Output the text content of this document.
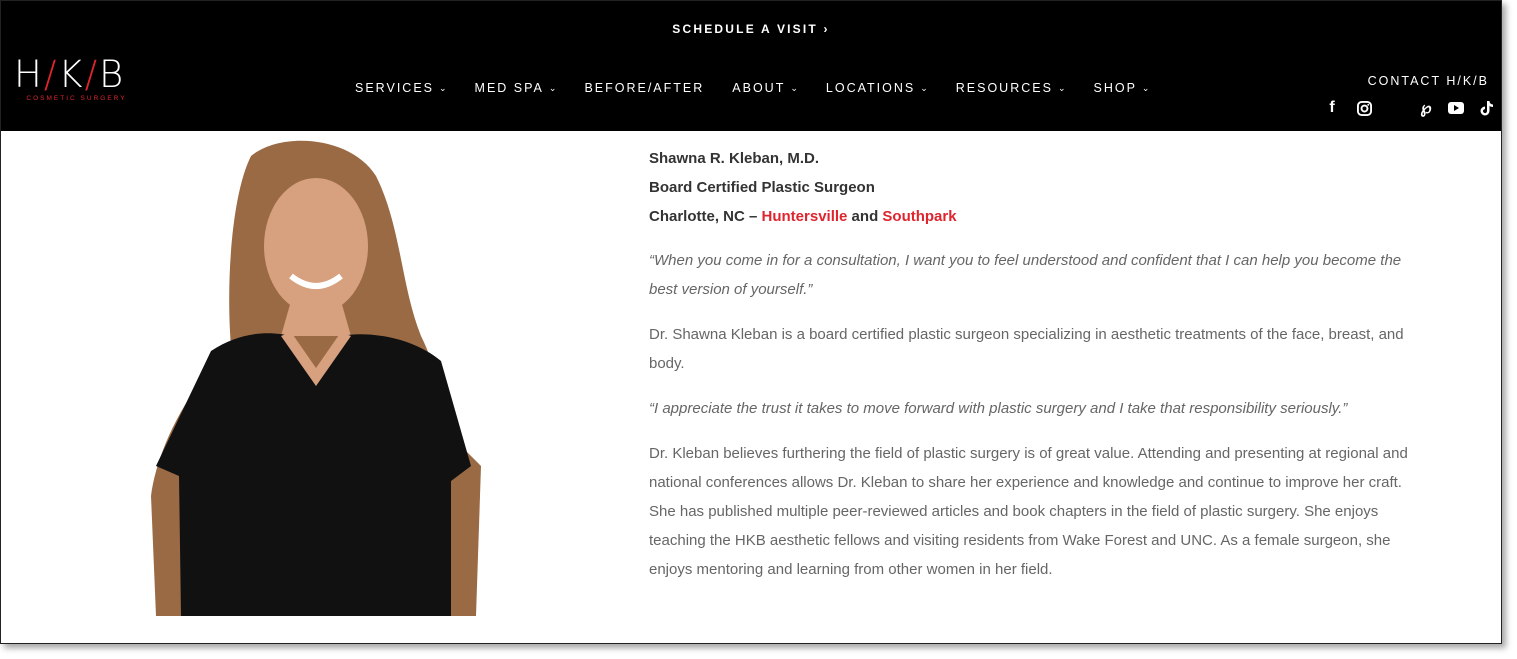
SCHEDULE A VISIT ›
H/K/B
COSMETIC SURGERY
SERVICES ⌄ MED SPA ⌄ BEFORE/AFTER ABOUT ⌄ LOCATIONS ⌄ RESOURCES ⌄ SHOP ⌄	CONTACT H/K/B
f	℘
Shawna R. Kleban, M.D.
Board Certified Plastic Surgeon
Charlotte, NC – Huntersville and Southpark

“When you come in for a consultation, I want you to feel understood and confident that I can help you become the best version of yourself.”

Dr. Shawna Kleban is a board certified plastic surgeon specializing in aesthetic treatments of the face, breast, and body.

“I appreciate the trust it takes to move forward with plastic surgery and I take that responsibility seriously.”

Dr. Kleban believes furthering the field of plastic surgery is of great value. Attending and presenting at regional and national conferences allows Dr. Kleban to share her experience and knowledge and continue to improve her craft. She has published multiple peer-reviewed articles and book chapters in the field of plastic surgery. She enjoys teaching the HKB aesthetic fellows and visiting residents from Wake Forest and UNC. As a female surgeon, she enjoys mentoring and learning from other women in her field.
